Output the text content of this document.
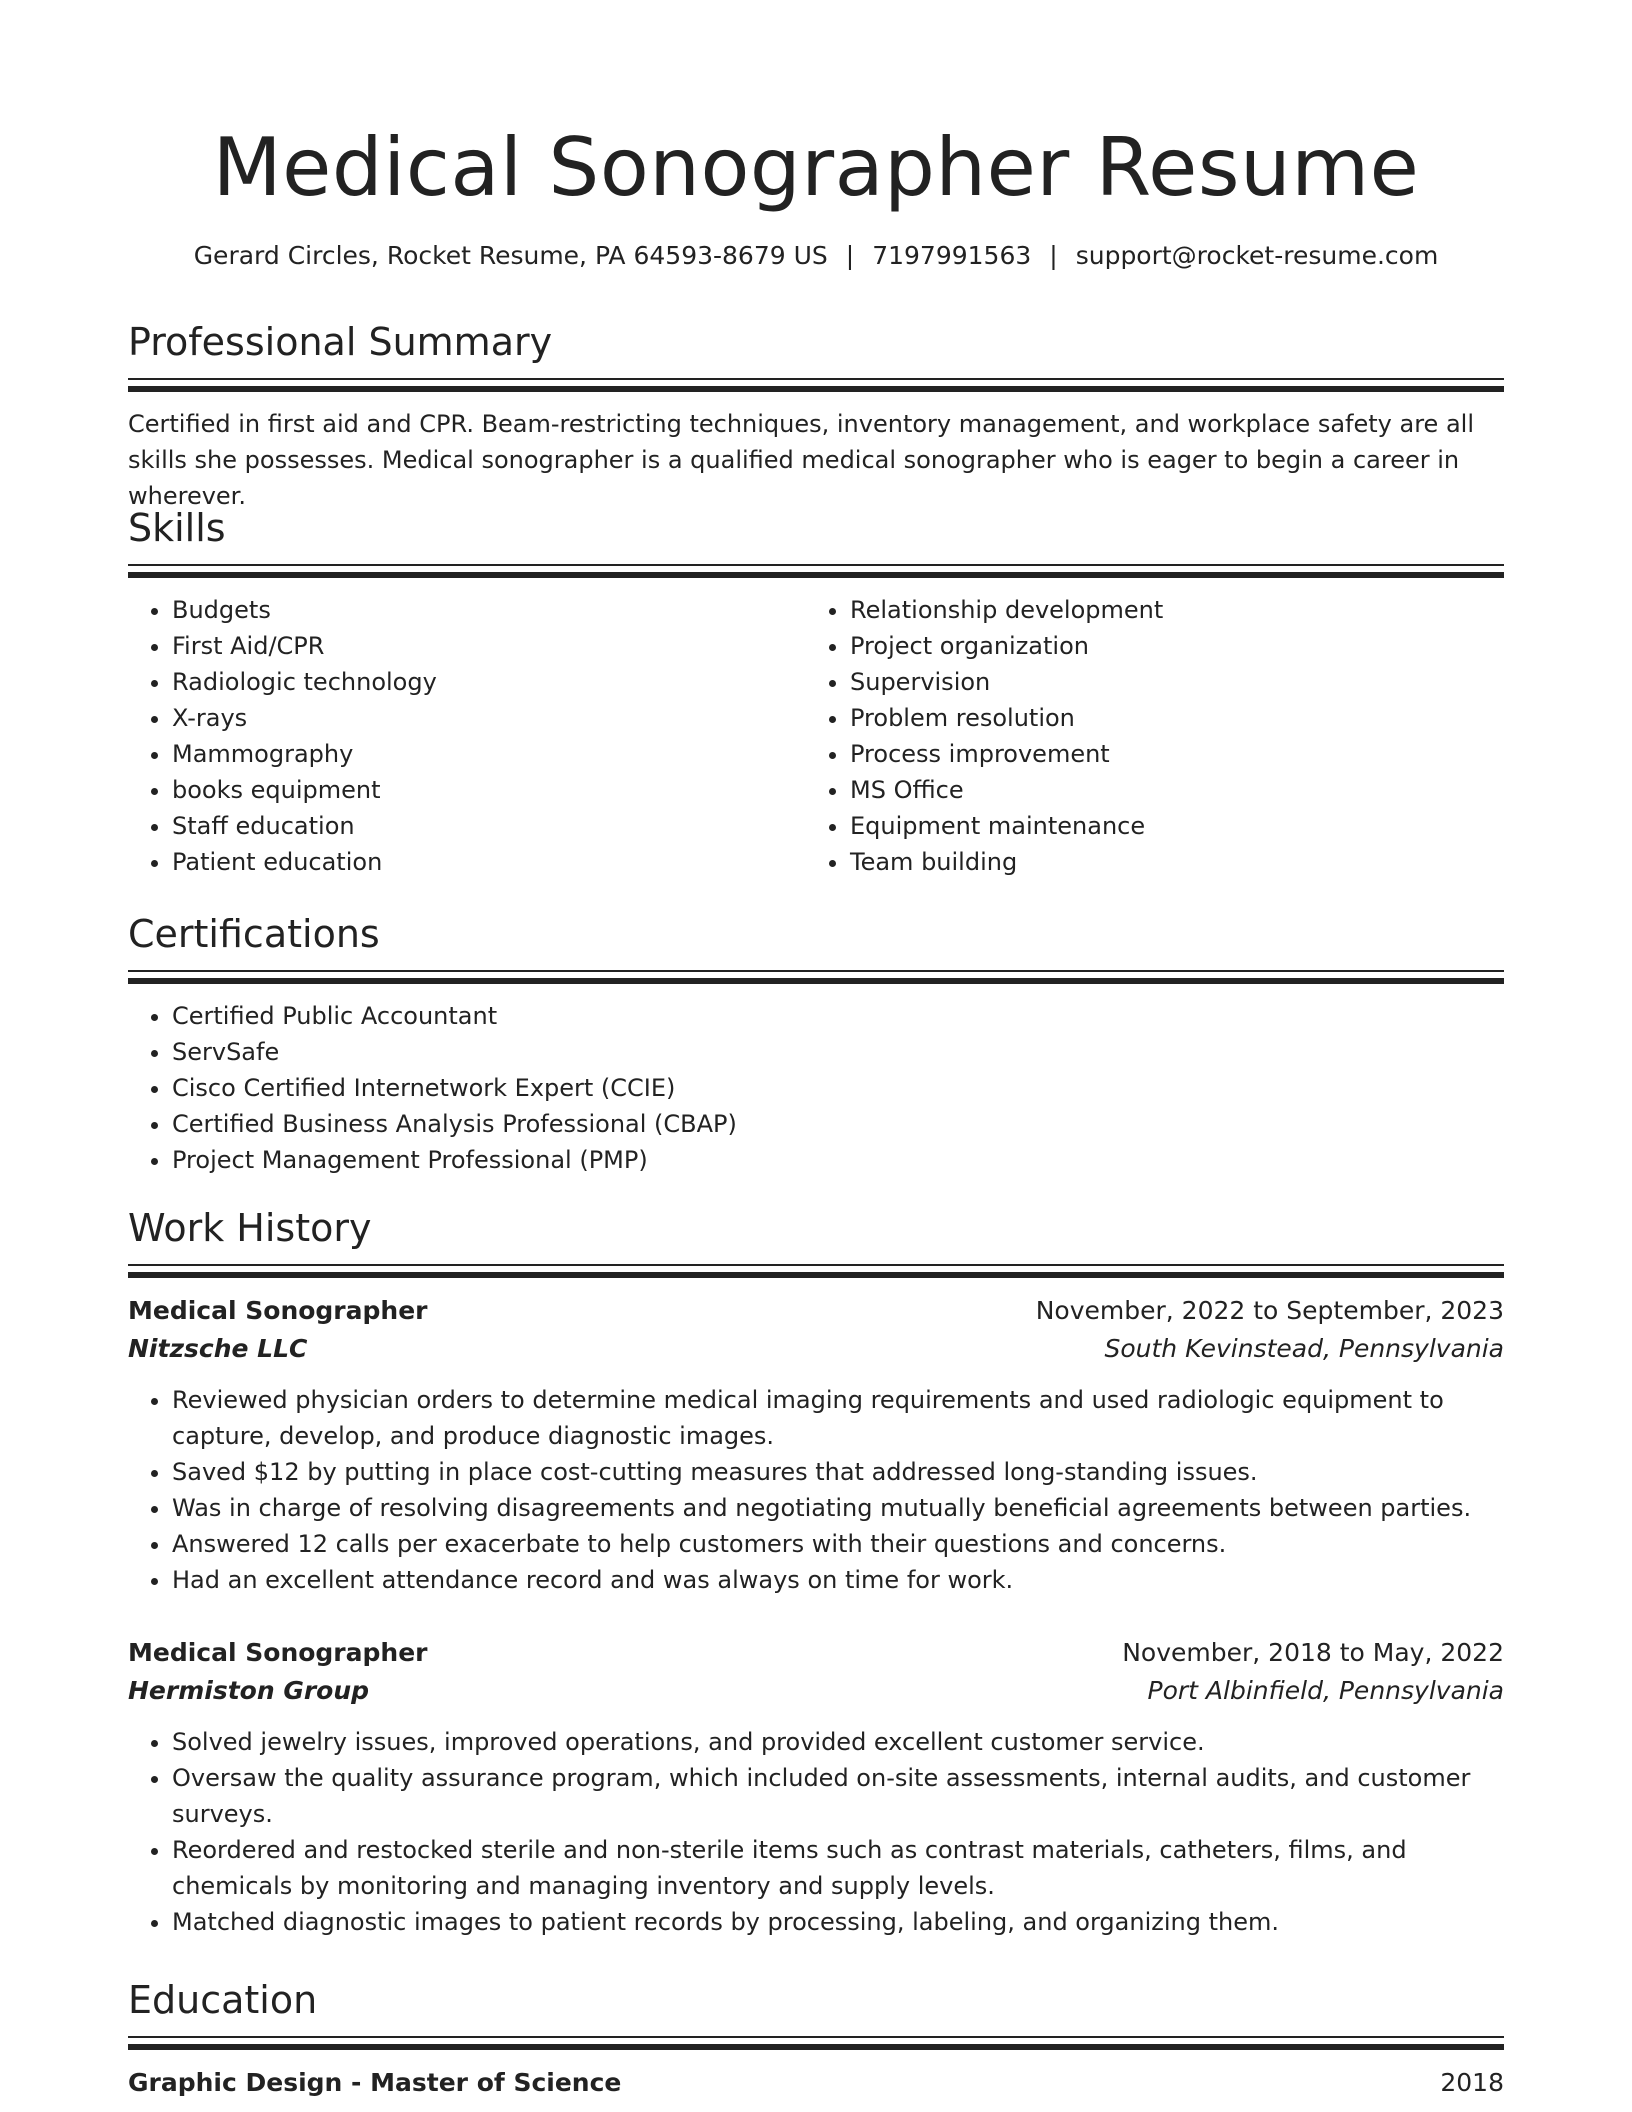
Medical Sonographer Resume
Gerard Circles, Rocket Resume, PA 64593-8679 US | 7197991563 | support@rocket-resume.com
Professional Summary

Certified in first aid and CPR. Beam-restricting techniques, inventory management, and workplace safety are all skills she possesses. Medical sonographer is a qualified medical sonographer who is eager to begin a career in wherever.

Skills
• Budgets
• First Aid/CPR
• Radiologic technology
• X-rays
• Mammography
• books equipment
• Staff education
• Patient education
• Relationship development
• Project organization
• Supervision
• Problem resolution
• Process improvement
• MS Office
• Equipment maintenance
• Team building
Certifications
• Certified Public Accountant
• ServSafe
• Cisco Certified Internetwork Expert (CCIE)
• Certified Business Analysis Professional (CBAP)
• Project Management Professional (PMP)
Work History
Medical Sonographer	November, 2022 to September, 2023
Nitzsche LLC	South Kevinstead, Pennsylvania
• Reviewed physician orders to determine medical imaging requirements and used radiologic equipment to capture, develop, and produce diagnostic images.
• Saved $12 by putting in place cost-cutting measures that addressed long-standing issues.
• Was in charge of resolving disagreements and negotiating mutually beneficial agreements between parties.
• Answered 12 calls per exacerbate to help customers with their questions and concerns.
• Had an excellent attendance record and was always on time for work.
Medical Sonographer	November, 2018 to May, 2022
Hermiston Group	Port Albinfield, Pennsylvania
• Solved jewelry issues, improved operations, and provided excellent customer service.
• Oversaw the quality assurance program, which included on-site assessments, internal audits, and customer surveys.
• Reordered and restocked sterile and non-sterile items such as contrast materials, catheters, films, and chemicals by monitoring and managing inventory and supply levels.
• Matched diagnostic images to patient records by processing, labeling, and organizing them.
Education
Graphic Design - Master of Science	2018
